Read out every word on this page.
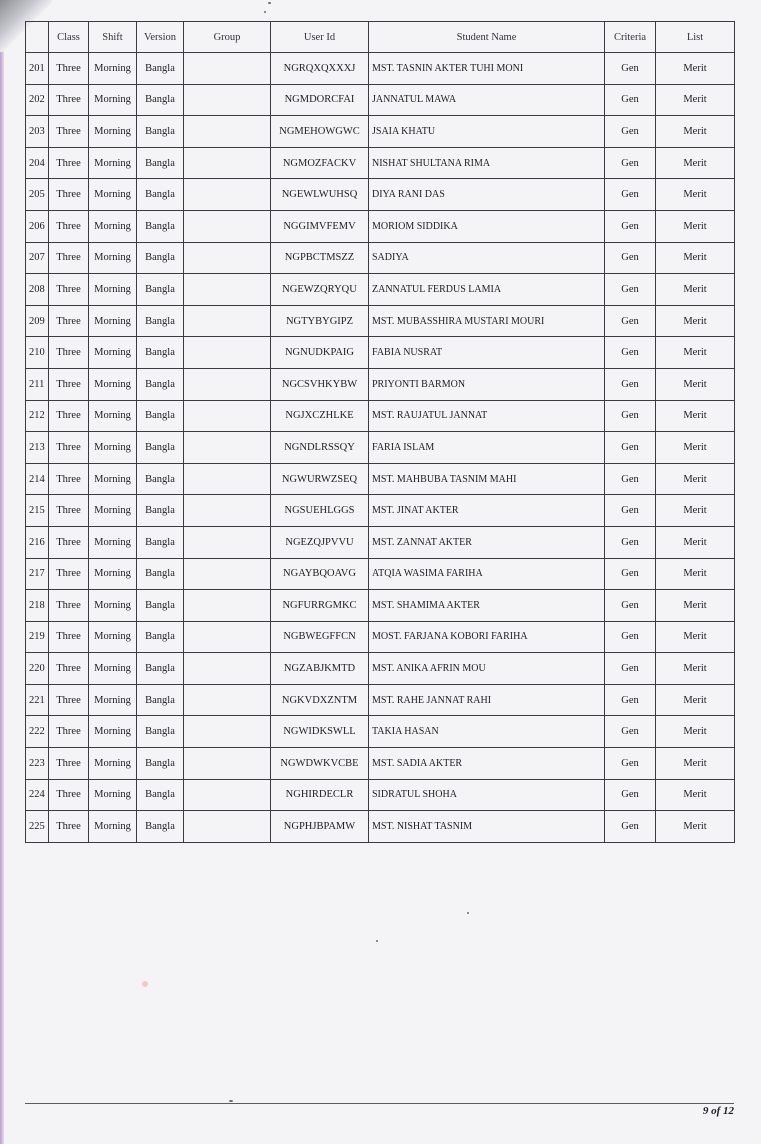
	Class	Shift	Version	Group	User Id	Student Name	Criteria	List
201	Three	Morning	Bangla		NGRQXQXXXJ	MST. TASNIN AKTER TUHI MONI	Gen	Merit
202	Three	Morning	Bangla		NGMDORCFAI	JANNATUL MAWA	Gen	Merit
203	Three	Morning	Bangla		NGMEHOWGWC	JSAIA KHATU	Gen	Merit
204	Three	Morning	Bangla		NGMOZFACKV	NISHAT SHULTANA RIMA	Gen	Merit
205	Three	Morning	Bangla		NGEWLWUHSQ	DIYA RANI DAS	Gen	Merit
206	Three	Morning	Bangla		NGGIMVFEMV	MORIOM SIDDIKA	Gen	Merit
207	Three	Morning	Bangla		NGPBCTMSZZ	SADIYA	Gen	Merit
208	Three	Morning	Bangla		NGEWZQRYQU	ZANNATUL FERDUS LAMIA	Gen	Merit
209	Three	Morning	Bangla		NGTYBYGIPZ	MST. MUBASSHIRA MUSTARI MOURI	Gen	Merit
210	Three	Morning	Bangla		NGNUDKPAIG	FABIA NUSRAT	Gen	Merit
211	Three	Morning	Bangla		NGCSVHKYBW	PRIYONTI BARMON	Gen	Merit
212	Three	Morning	Bangla		NGJXCZHLKE	MST. RAUJATUL JANNAT	Gen	Merit
213	Three	Morning	Bangla		NGNDLRSSQY	FARIA ISLAM	Gen	Merit
214	Three	Morning	Bangla		NGWURWZSEQ	MST. MAHBUBA TASNIM MAHI	Gen	Merit
215	Three	Morning	Bangla		NGSUEHLGGS	MST. JINAT AKTER	Gen	Merit
216	Three	Morning	Bangla		NGEZQJPVVU	MST. ZANNAT AKTER	Gen	Merit
217	Three	Morning	Bangla		NGAYBQOAVG	ATQIA WASIMA FARIHA	Gen	Merit
218	Three	Morning	Bangla		NGFURRGMKC	MST. SHAMIMA AKTER	Gen	Merit
219	Three	Morning	Bangla		NGBWEGFFCN	MOST. FARJANA KOBORI FARIHA	Gen	Merit
220	Three	Morning	Bangla		NGZABJKMTD	MST. ANIKA AFRIN MOU	Gen	Merit
221	Three	Morning	Bangla		NGKVDXZNTM	MST. RAHE JANNAT RAHI	Gen	Merit
222	Three	Morning	Bangla		NGWIDKSWLL	TAKIA HASAN	Gen	Merit
223	Three	Morning	Bangla		NGWDWKVCBE	MST. SADIA AKTER	Gen	Merit
224	Three	Morning	Bangla		NGHIRDECLR	SIDRATUL SHOHA	Gen	Merit
225	Three	Morning	Bangla		NGPHJBPAMW	MST. NISHAT TASNIM	Gen	Merit
9 of 12
